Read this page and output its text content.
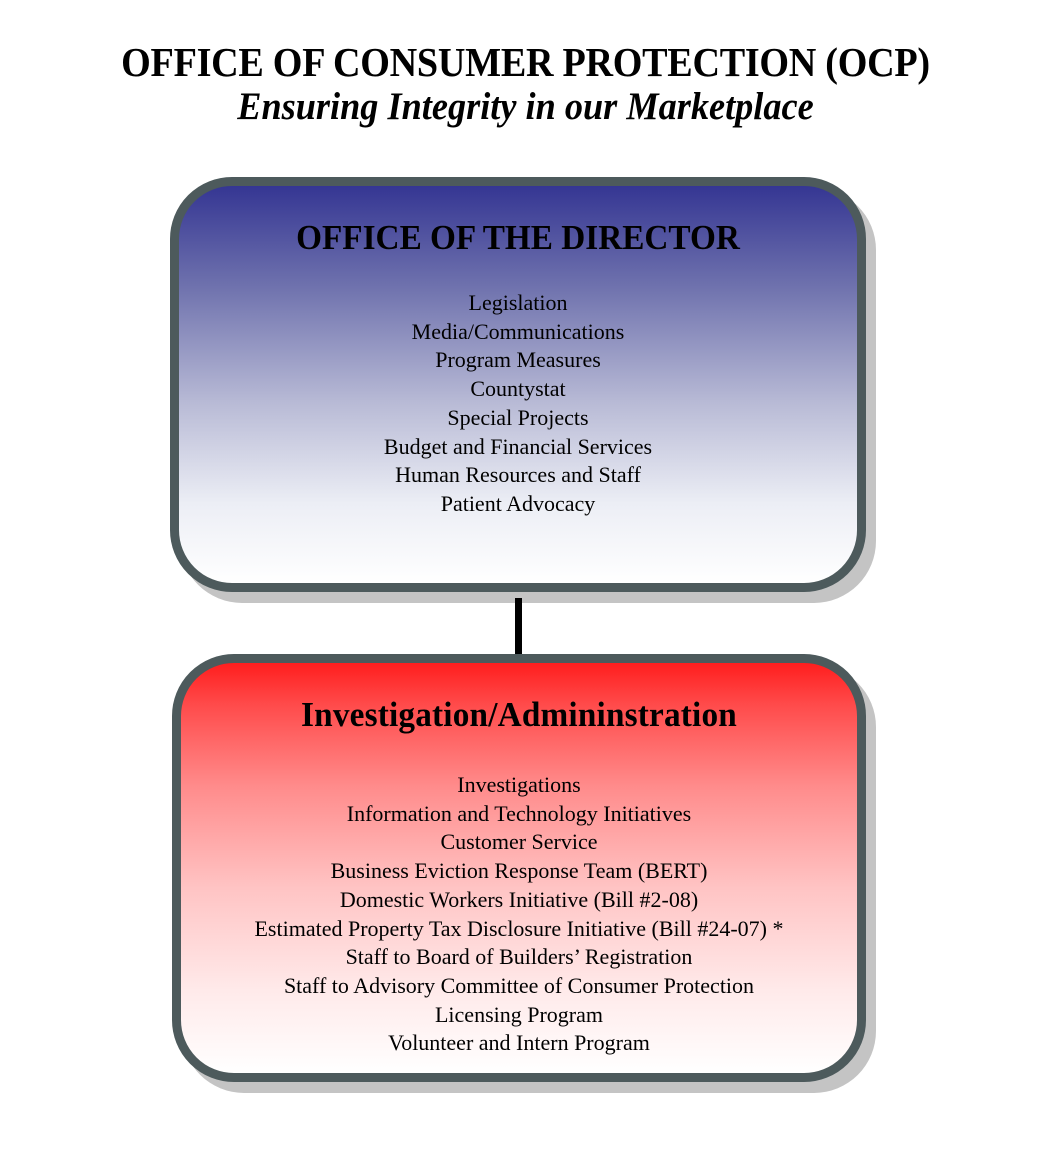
OFFICE OF CONSUMER PROTECTION (OCP)
Ensuring Integrity in our Marketplace
OFFICE OF THE DIRECTOR
Legislation
Media/Communications
Program Measures
Countystat
Special Projects
Budget and Financial Services
Human Resources and Staff
Patient Advocacy
Investigation/Admininstration
Investigations
Information and Technology Initiatives
Customer Service
Business Eviction Response Team (BERT)
Domestic Workers Initiative (Bill #2-08)
Estimated Property Tax Disclosure Initiative (Bill #24-07) *
Staff to Board of Builders’ Registration
Staff to Advisory Committee of Consumer Protection
Licensing Program
Volunteer and Intern Program
